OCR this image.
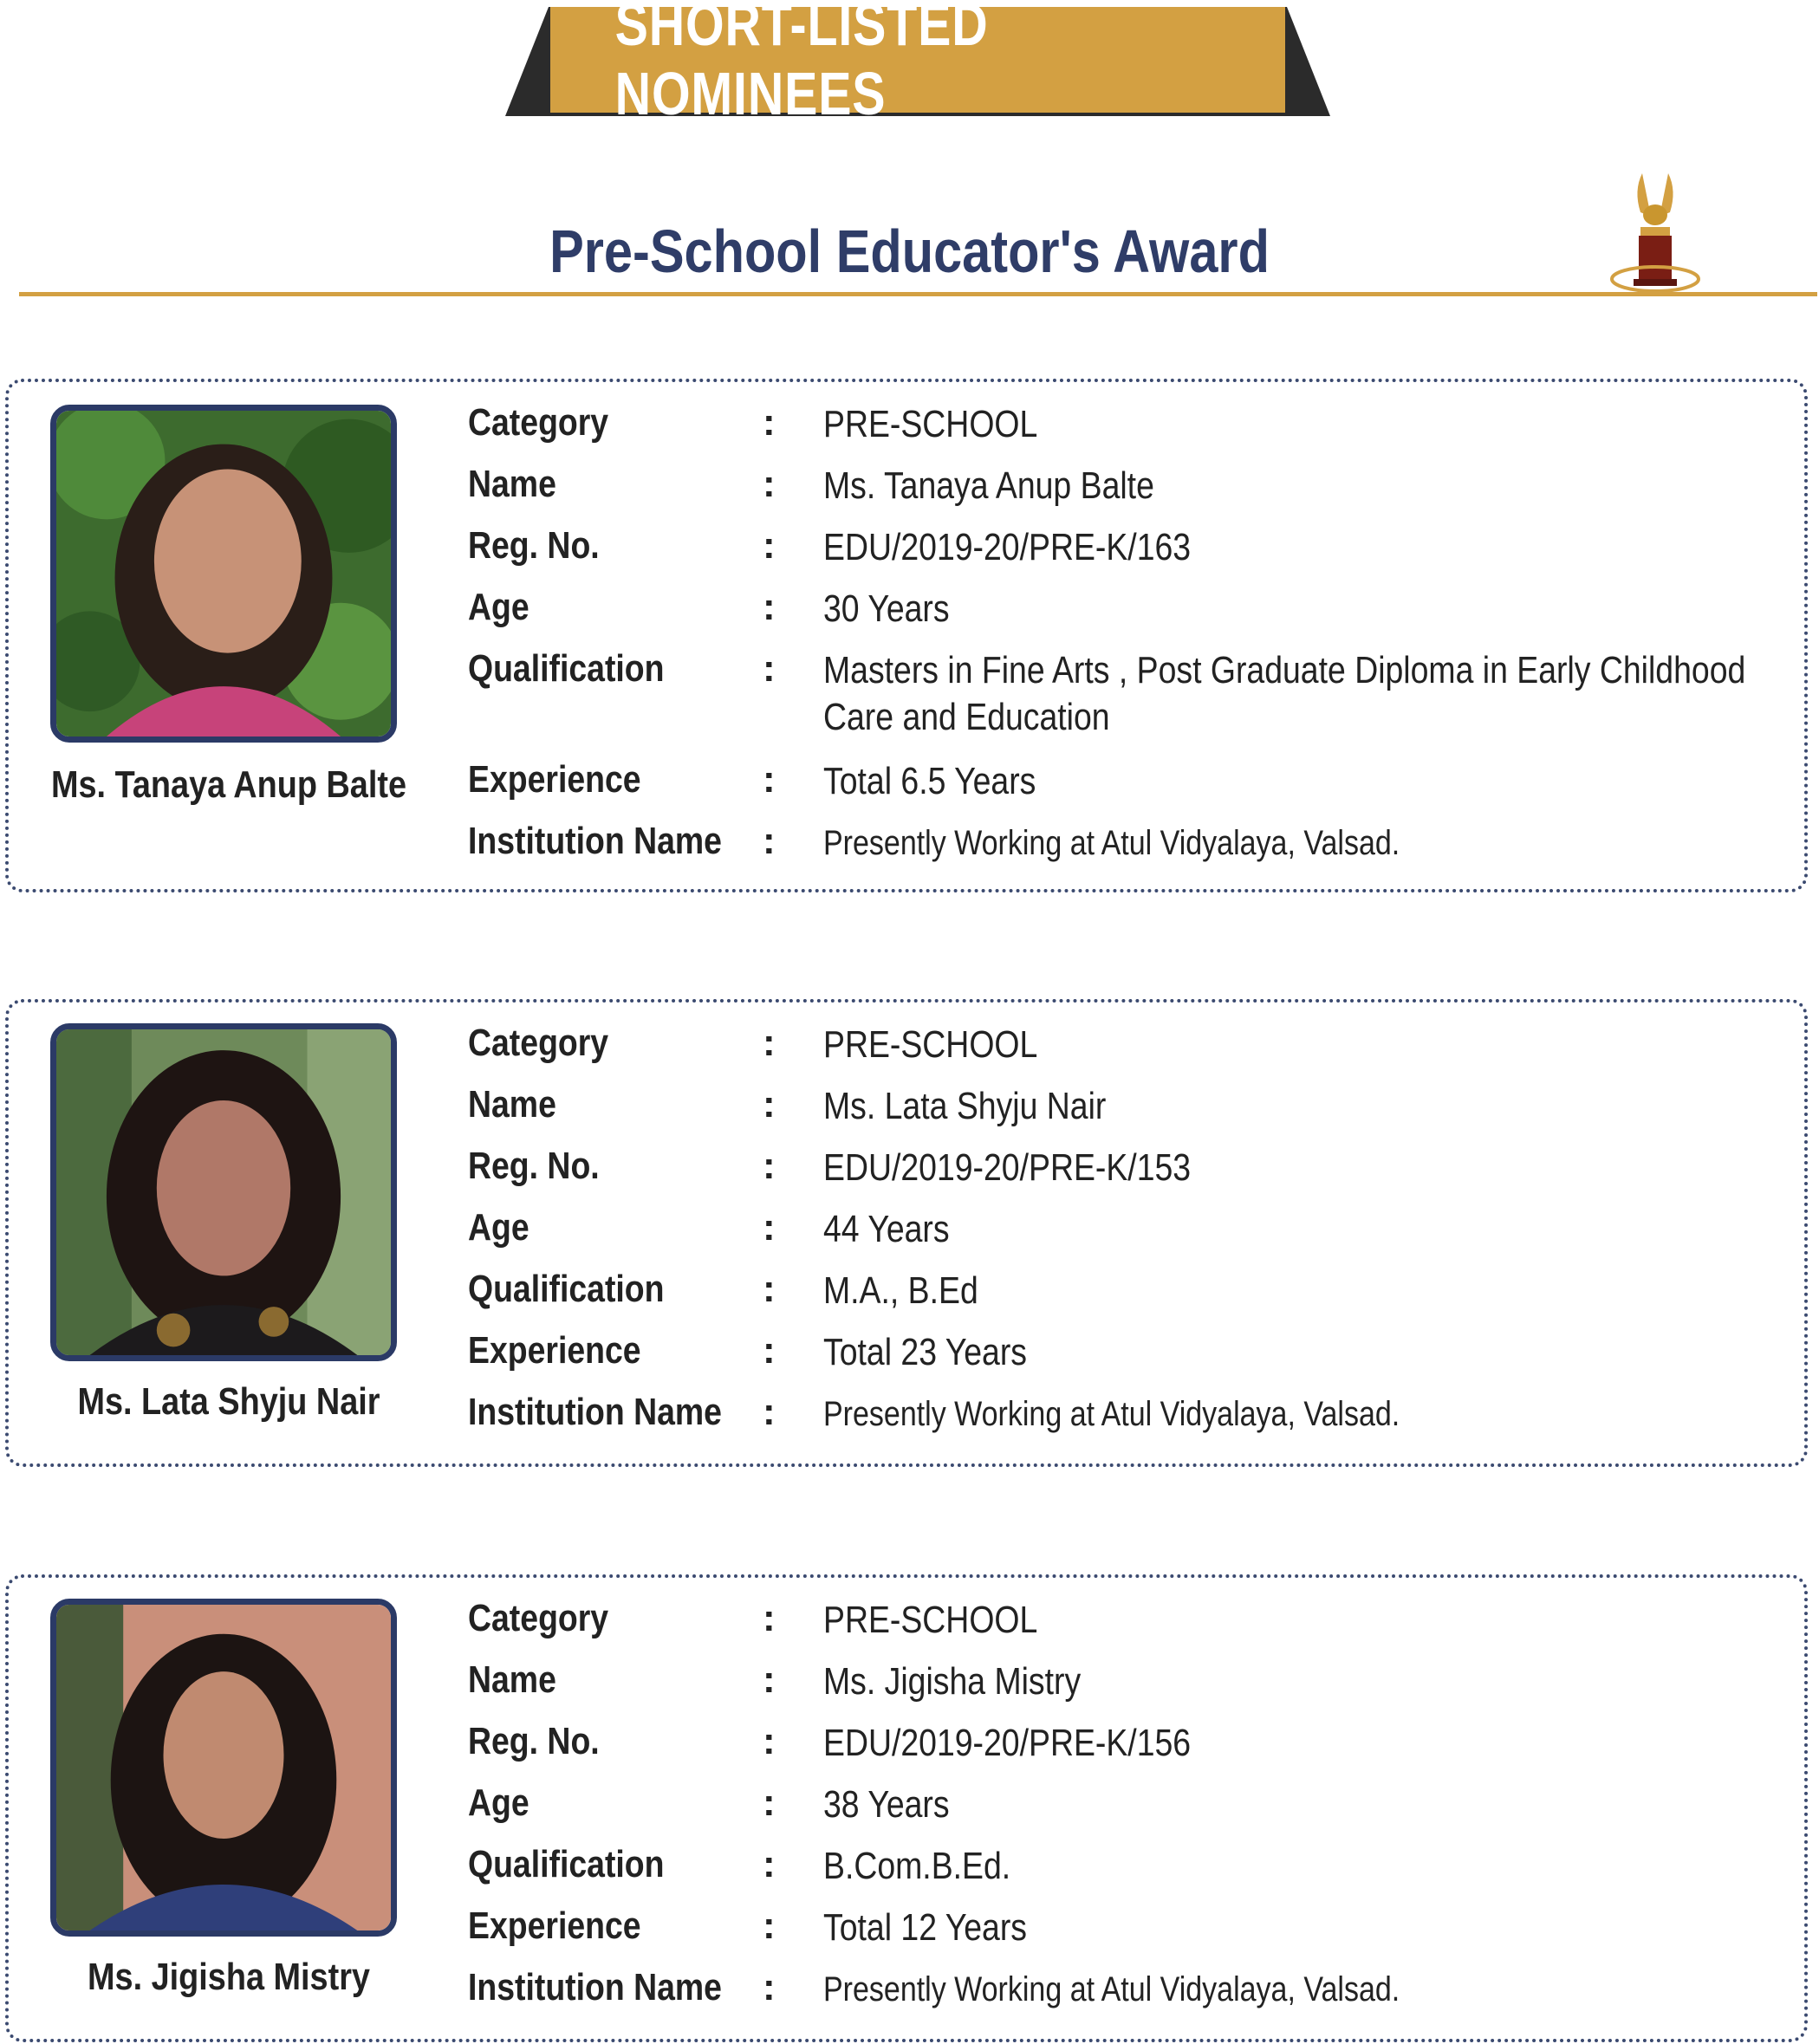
SHORT-LISTED NOMINEES
Pre-School Educator's Award
Ms. Tanaya Anup Balte
Category	: PRE-SCHOOL
Name	: Ms. Tanaya Anup Balte
Reg. No.	: EDU/2019-20/PRE-K/163
Age	: 30 Years
Qualification	: Masters in Fine Arts , Post Graduate Diploma in Early Childhood Care and Education
Experience	: Total 6.5 Years
Institution Name : Presently Working at Atul Vidyalaya, Valsad.
Ms. Lata Shyju Nair
Category	: PRE-SCHOOL
Name	: Ms. Lata Shyju Nair
Reg. No.	: EDU/2019-20/PRE-K/153
Age	: 44 Years
Qualification	: M.A., B.Ed
Experience	: Total 23 Years
Institution Name : Presently Working at Atul Vidyalaya, Valsad.
Ms. Jigisha Mistry
Category	: PRE-SCHOOL
Name	: Ms. Jigisha Mistry
Reg. No.	: EDU/2019-20/PRE-K/156
Age	: 38 Years
Qualification	: B.Com.B.Ed.
Experience	: Total 12 Years
Institution Name : Presently Working at Atul Vidyalaya, Valsad.
